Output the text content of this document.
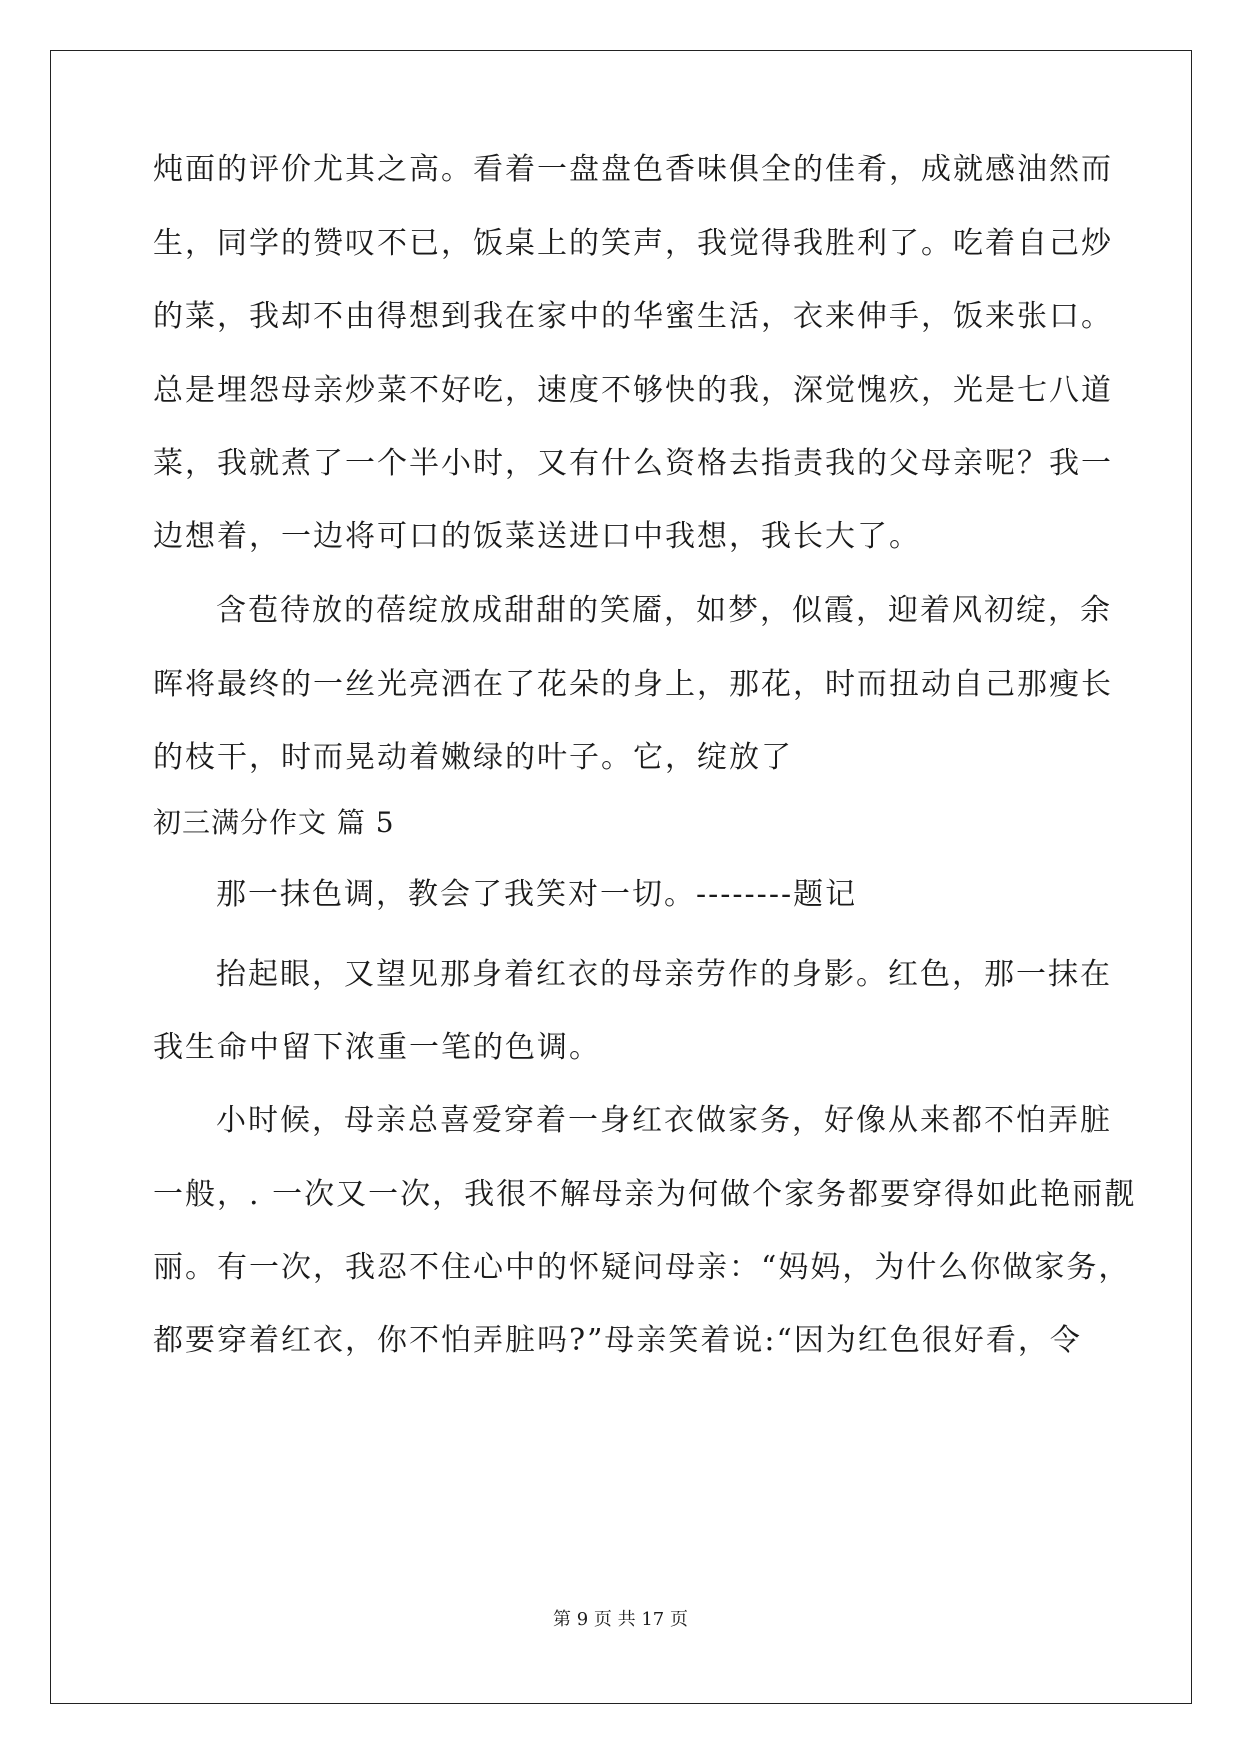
炖面的评价尤其之高。看着一盘盘色香味俱全的佳肴，成就感油然而
生，同学的赞叹不已，饭桌上的笑声，我觉得我胜利了。吃着自己炒
的菜，我却不由得想到我在家中的华蜜生活，衣来伸手，饭来张口。
总是埋怨母亲炒菜不好吃，速度不够快的我，深觉愧疚，光是七八道
菜，我就煮了一个半小时，又有什么资格去指责我的父母亲呢？我一
边想着，一边将可口的饭菜送进口中我想，我长大了。
含苞待放的蓓绽放成甜甜的笑靥，如梦，似霞，迎着风初绽，余
晖将最终的一丝光亮洒在了花朵的身上，那花，时而扭动自己那瘦长
的枝干，时而晃动着嫩绿的叶子。它，绽放了
初三满分作文 篇 5
那一抹色调，教会了我笑对一切。--------题记
抬起眼，又望见那身着红衣的母亲劳作的身影。红色，那一抹在
我生命中留下浓重一笔的色调。
小时候，母亲总喜爱穿着一身红衣做家务，好像从来都不怕弄脏
一般，. 一次又一次，我很不解母亲为何做个家务都要穿得如此艳丽靓
丽。有一次，我忍不住心中的怀疑问母亲：“妈妈，为什么你做家务，
都要穿着红衣，你不怕弄脏吗?”母亲笑着说:“因为红色很好看，令
第 9 页 共 17 页
